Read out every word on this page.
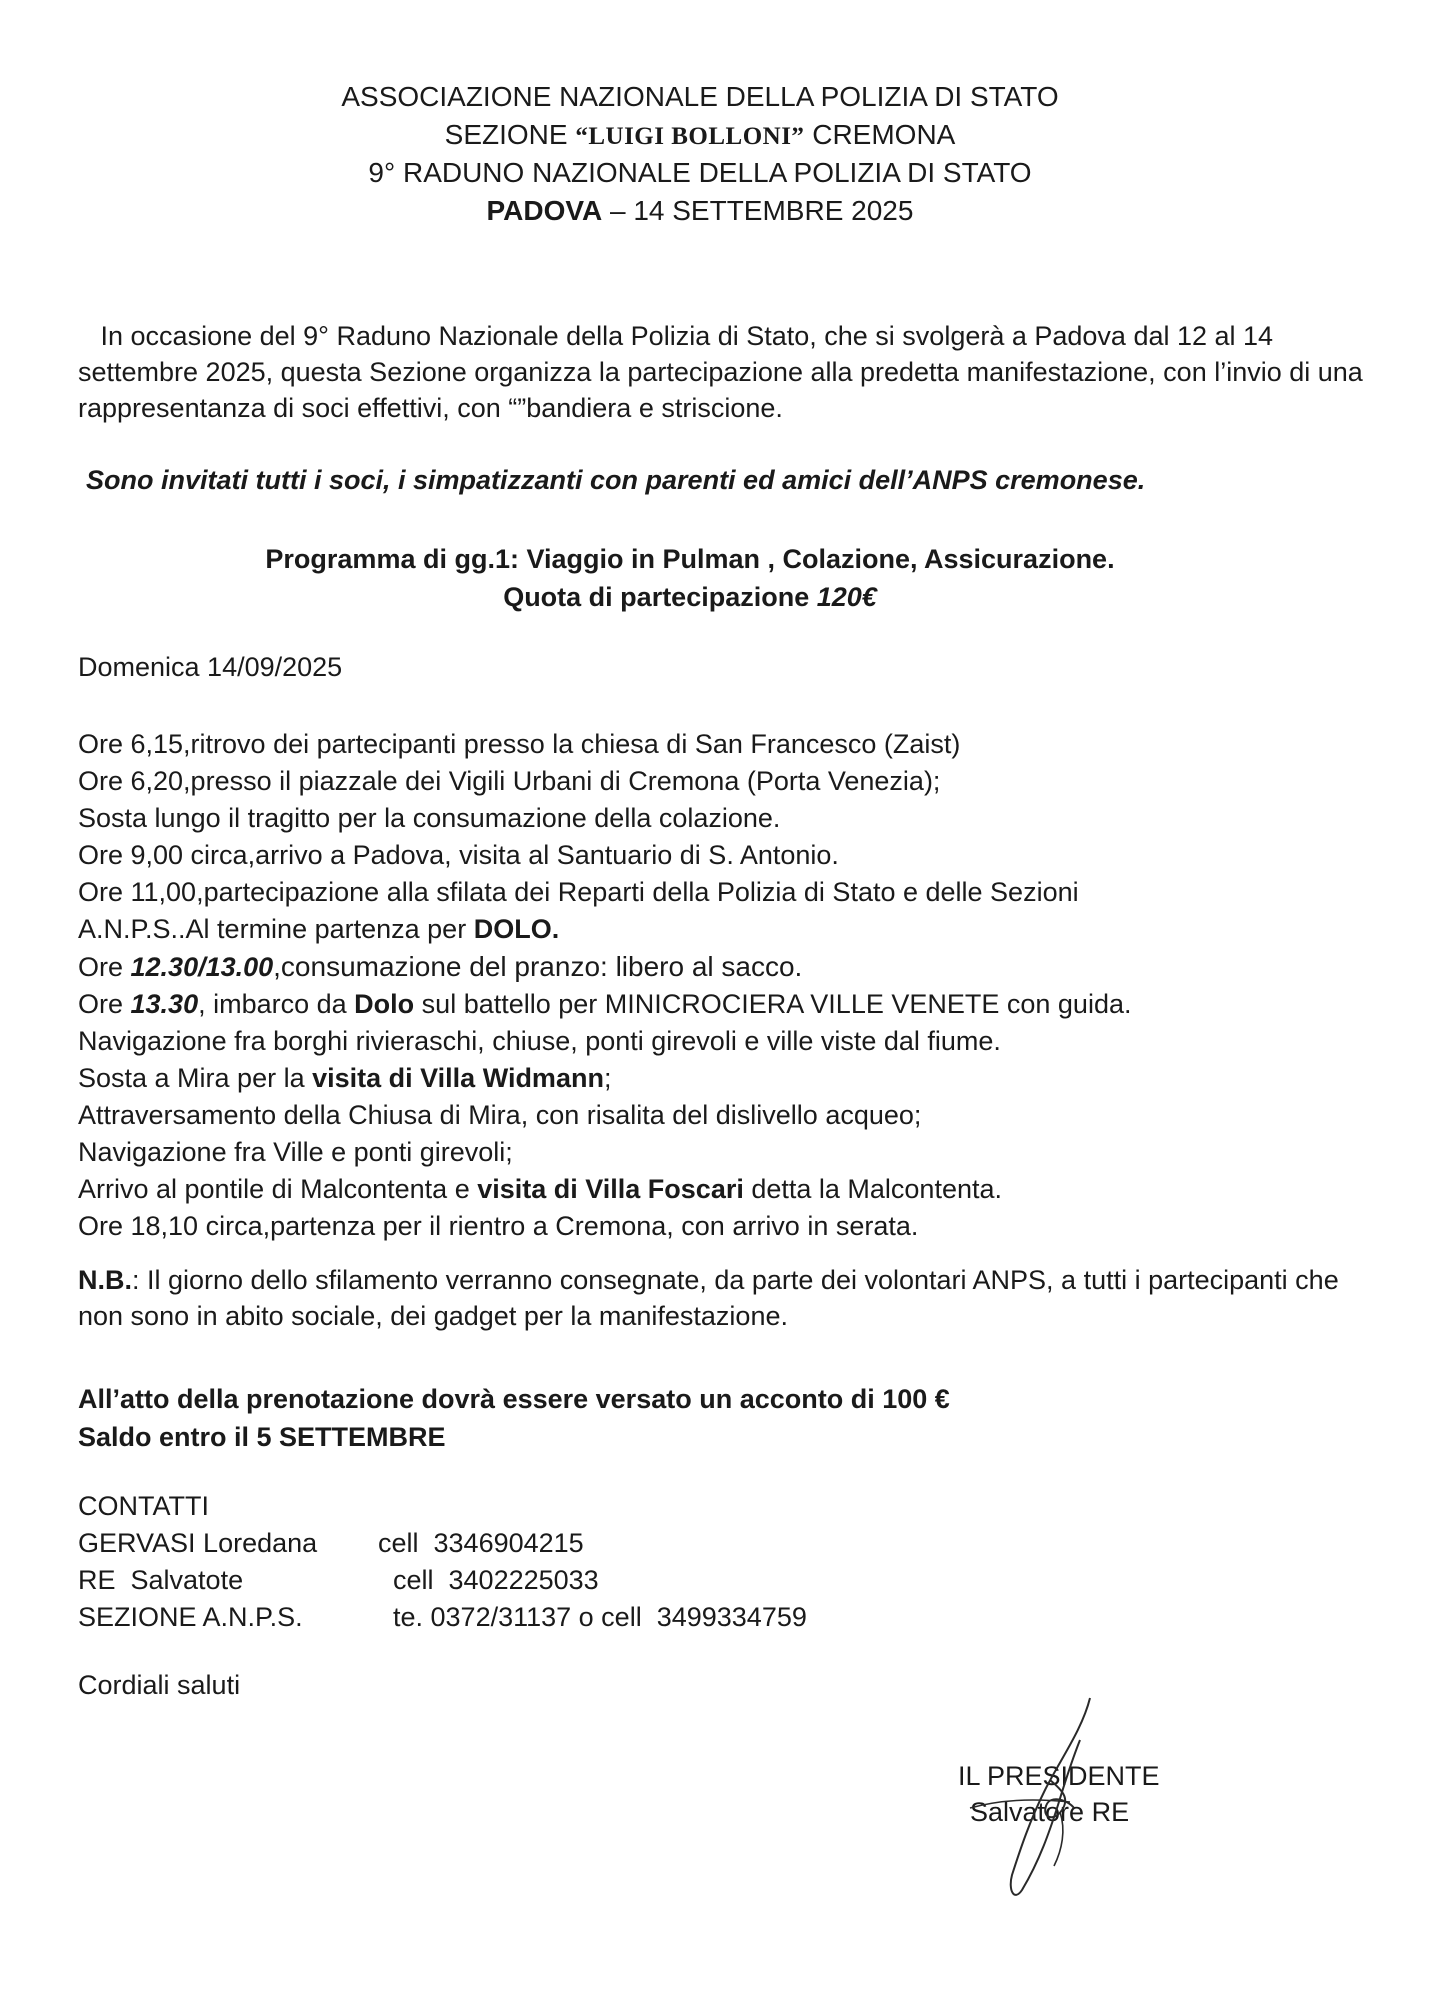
ASSOCIAZIONE NAZIONALE DELLA POLIZIA DI STATO
SEZIONE “LUIGI BOLLONI” CREMONA
9° RADUNO NAZIONALE DELLA POLIZIA DI STATO
PADOVA – 14 SETTEMBRE 2025

In occasione del 9° Raduno Nazionale della Polizia di Stato, che si svolgerà a Padova dal 12 al 14 settembre 2025, questa Sezione organizza la partecipazione alla predetta manifestazione, con l’invio di una rappresentanza di soci effettivi, con “”bandiera e striscione.

Sono invitati tutti i soci, i simpatizzanti con parenti ed amici dell’ANPS cremonese.
Programma di gg.1: Viaggio in Pulman , Colazione, Assicurazione.
Quota di partecipazione 120€
Domenica 14/09/2025
Ore 6,15,ritrovo dei partecipanti presso la chiesa di San Francesco (Zaist)
Ore 6,20,presso il piazzale dei Vigili Urbani di Cremona (Porta Venezia);
Sosta lungo il tragitto per la consumazione della colazione.
Ore 9,00 circa,arrivo a Padova, visita al Santuario di S. Antonio.
Ore 11,00,partecipazione alla sfilata dei Reparti della Polizia di Stato e delle Sezioni
A.N.P.S..Al termine partenza per DOLO.
Ore 12.30/13.00,consumazione del pranzo: libero al sacco.
Ore 13.30, imbarco da Dolo sul battello per MINICROCIERA VILLE VENETE con guida.
Navigazione fra borghi rivieraschi, chiuse, ponti girevoli e ville viste dal fiume.
Sosta a Mira per la visita di Villa Widmann;
Attraversamento della Chiusa di Mira, con risalita del dislivello acqueo;
Navigazione fra Ville e ponti girevoli;
Arrivo al pontile di Malcontenta e visita di Villa Foscari detta la Malcontenta.
Ore 18,10 circa,partenza per il rientro a Cremona, con arrivo in serata.
N.B.: Il giorno dello sfilamento verranno consegnate, da parte dei volontari ANPS, a tutti i partecipanti che non sono in abito sociale, dei gadget per la manifestazione.
All’atto della prenotazione dovrà essere versato un acconto di 100 €
Saldo entro il 5 SETTEMBRE
CONTATTI
GERVASI Loredana	cell  3346904215
RE  Salvatote	cell  3402225033
SEZIONE A.N.P.S.	te. 0372/31137 o cell  3499334759
Cordiali saluti
IL PRESIDENTE
Salvatore RE
